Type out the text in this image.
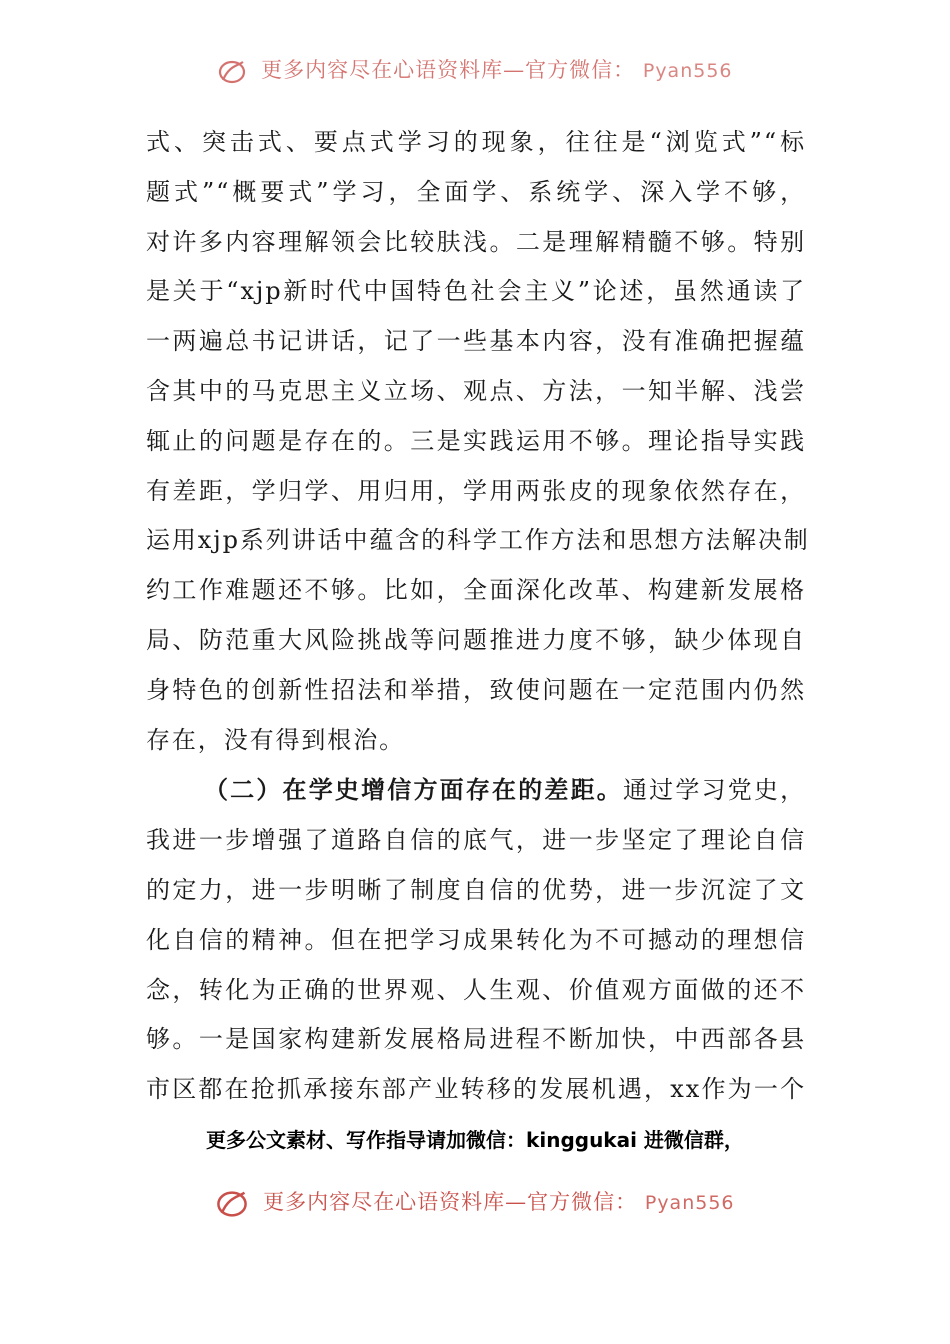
更多内容尽在心语资料库—官方微信： Pyan556
式、突击式、要点式学习的现象，往往是“浏览式”“标
题式”“概要式”学习，全面学、系统学、深入学不够，
对许多内容理解领会比较肤浅。二是理解精髓不够。特别
是关于“xjp新时代中国特色社会主义”论述，虽然通读了
一两遍总书记讲话，记了一些基本内容，没有准确把握蕴
含其中的马克思主义立场、观点、方法，一知半解、浅尝
辄止的问题是存在的。三是实践运用不够。理论指导实践
有差距，学归学、用归用，学用两张皮的现象依然存在，
运用xjp系列讲话中蕴含的科学工作方法和思想方法解决制
约工作难题还不够。比如，全面深化改革、构建新发展格
局、防范重大风险挑战等问题推进力度不够，缺少体现自
身特色的创新性招法和举措，致使问题在一定范围内仍然
存在，没有得到根治。
（二）在学史增信方面存在的差距。通过学习党史，
我进一步增强了道路自信的底气，进一步坚定了理论自信
的定力，进一步明晰了制度自信的优势，进一步沉淀了文
化自信的精神。但在把学习成果转化为不可撼动的理想信
念，转化为正确的世界观、人生观、价值观方面做的还不
够。一是国家构建新发展格局进程不断加快，中西部各县
市区都在抢抓承接东部产业转移的发展机遇，xx作为一个
更多公文素材、写作指导请加微信：kinggukai 进微信群，
更多内容尽在心语资料库—官方微信： Pyan556
